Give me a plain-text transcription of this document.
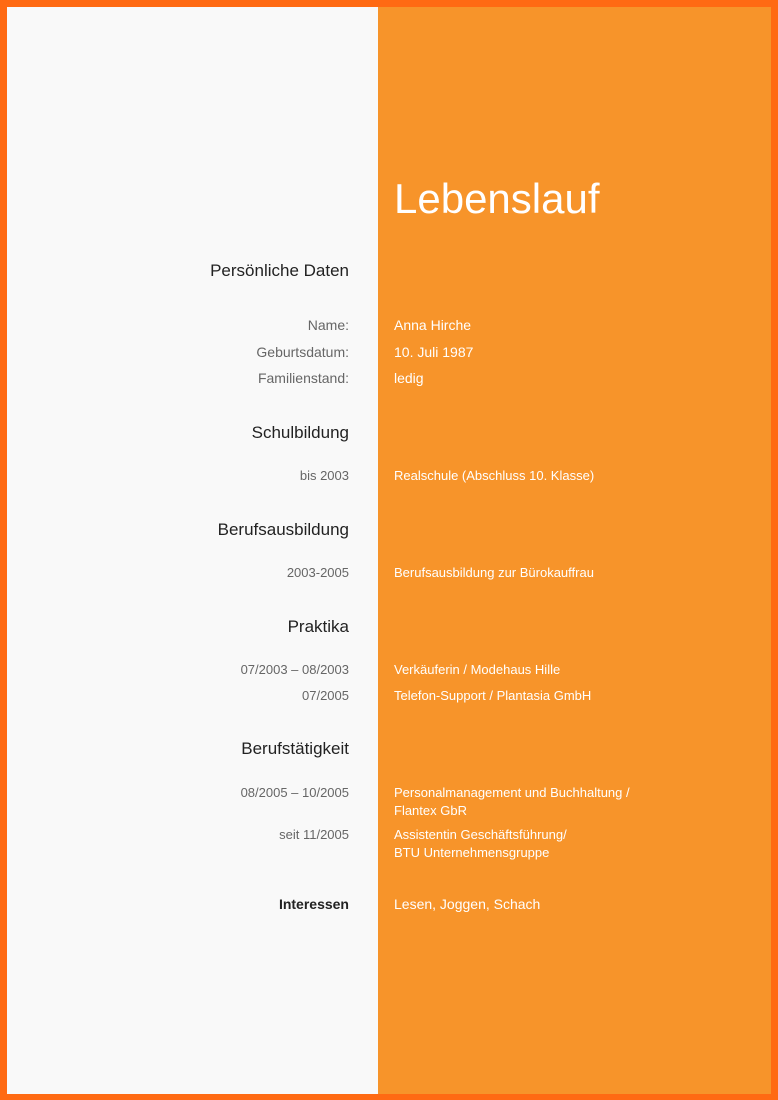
Lebenslauf
Persönliche Daten
Name:	Anna Hirche
Geburtsdatum:	10. Juli 1987
Familienstand:	ledig
Schulbildung
bis 2003	Realschule (Abschluss 10. Klasse)
Berufsausbildung
2003-2005	Berufsausbildung zur Bürokauffrau
Praktika
07/2003 – 08/2003	Verkäuferin / Modehaus Hille
07/2005	Telefon-Support / Plantasia GmbH
Berufstätigkeit
08/2005 – 10/2005	Personalmanagement und Buchhaltung /
Flantex GbR
seit 11/2005	Assistentin Geschäftsführung/
BTU Unternehmensgruppe
Interessen	Lesen, Joggen, Schach
